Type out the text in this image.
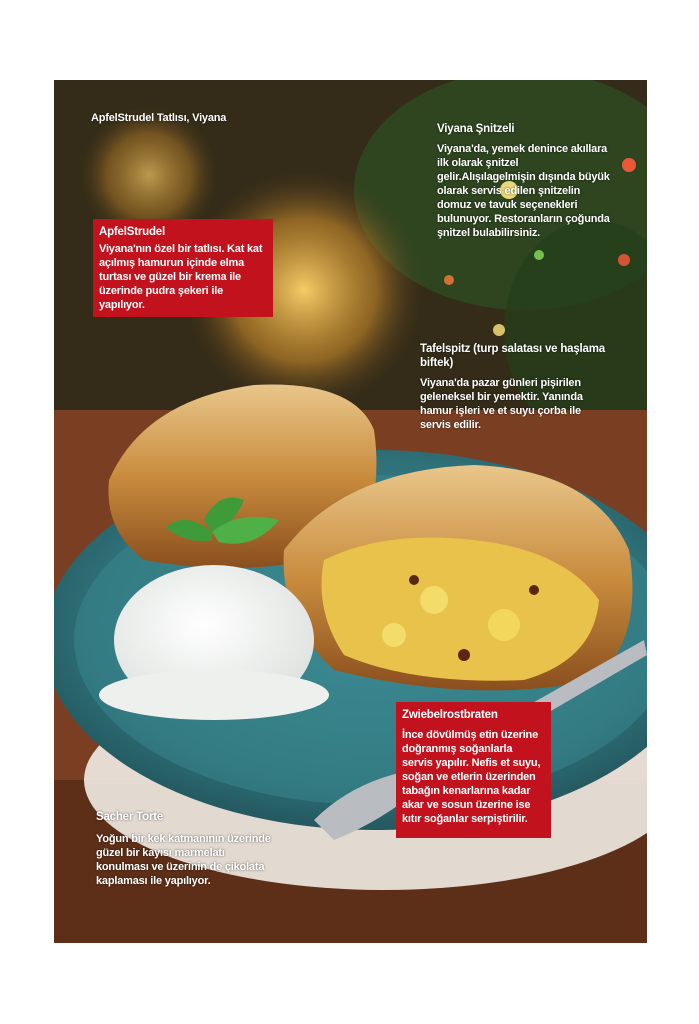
ApfelStrudel Tatlısı, Viyana

Viyana Şnitzeli

Viyana'da, yemek denince akıllara ilk olarak şnitzel gelir.Alışılagelmişin dışında büyük olarak servis edilen şnitzelin domuz ve tavuk seçenekleri bulunuyor. Restoranların çoğunda şnitzel bulabilirsiniz.

ApfelStrudel

Viyana'nın özel bir tatlısı. Kat kat açılmış hamurun içinde elma turtası ve güzel bir krema ile üzerinde pudra şekeri ile yapılıyor.

Tafelspitz (turp salatası ve haşlama biftek)

Viyana'da pazar günleri pişirilen geleneksel bir yemektir. Yanında hamur işleri ve et suyu çorba ile servis edilir.

Zwiebelrostbraten

İnce dövülmüş etin üzerine doğranmış soğanlarla servis yapılır. Nefis et suyu, soğan ve etlerin üzerinden tabağın kenarlarına kadar akar ve sosun üzerine ise kıtır soğanlar serpiştirilir.

Sacher Torte

Yoğun bir kek katmanının üzerinde güzel bir kayısı marmelatı konulması ve üzerinin de çikolata kaplaması ile yapılıyor.
